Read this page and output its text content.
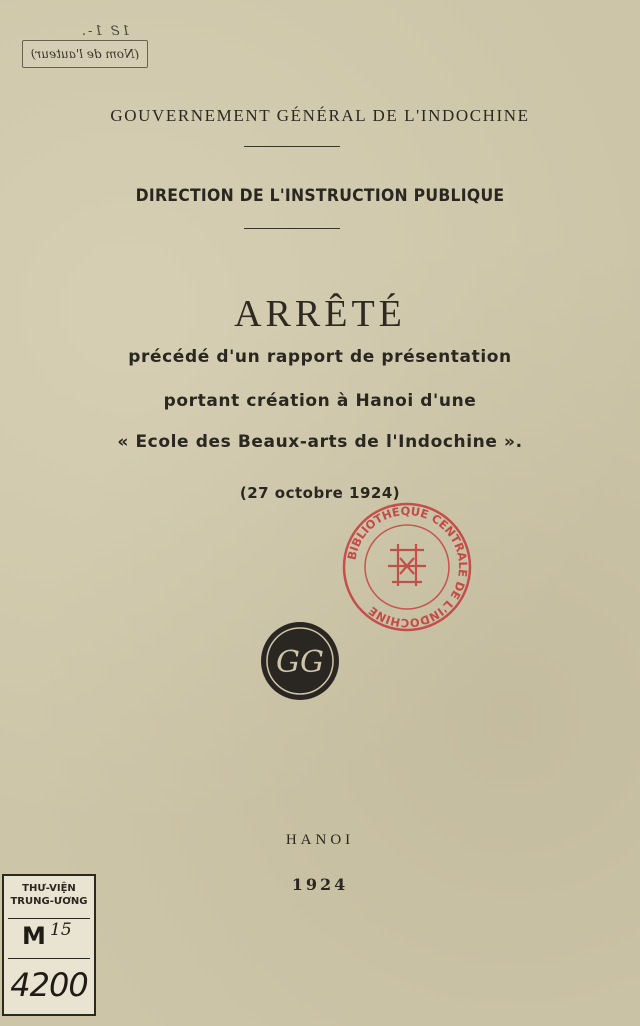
1Ƨ 1-.
(Nom de l'auteur)
GOUVERNEMENT GÉNÉRAL DE L'INDOCHINE
DIRECTION DE L'INSTRUCTION PUBLIQUE
ARRÊTÉ
précédé d'un rapport de présentation
portant création à Hanoi d'une
« Ecole des Beaux-arts de l'Indochine ».
(27 octobre 1924)
BIBLIOTHÈQUE CENTRALE DE L'INDOCHINE
GG
HANOI
1924
THƯ-VIỆN
TRUNG-ƯƠNG
M 15
4200
